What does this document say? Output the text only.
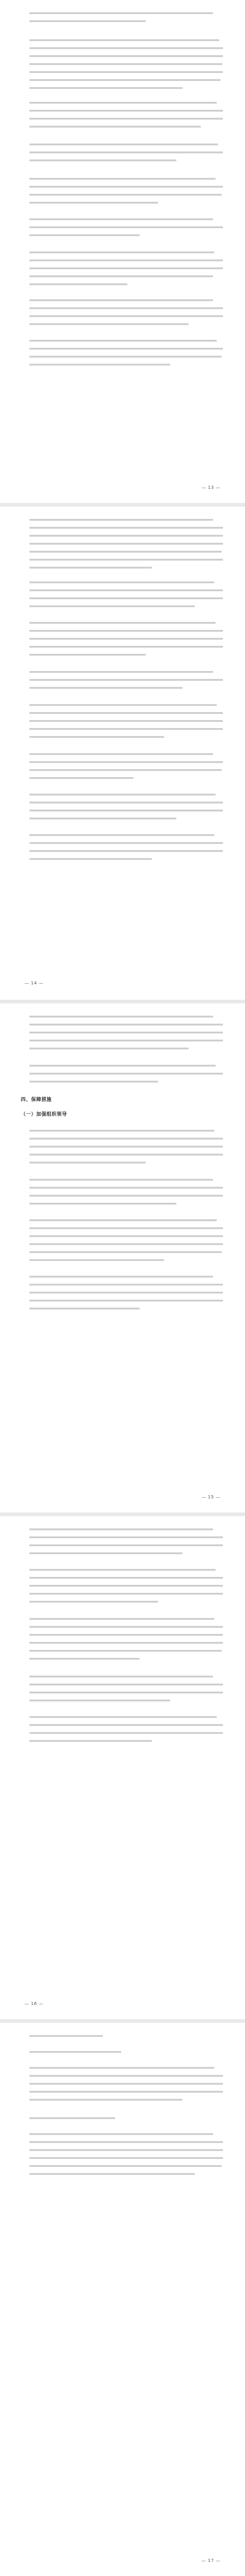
— 13 —
— 14 —
四、保障措施
（一）加强组织领导
— 15 —
— 16 —
— 17 —
